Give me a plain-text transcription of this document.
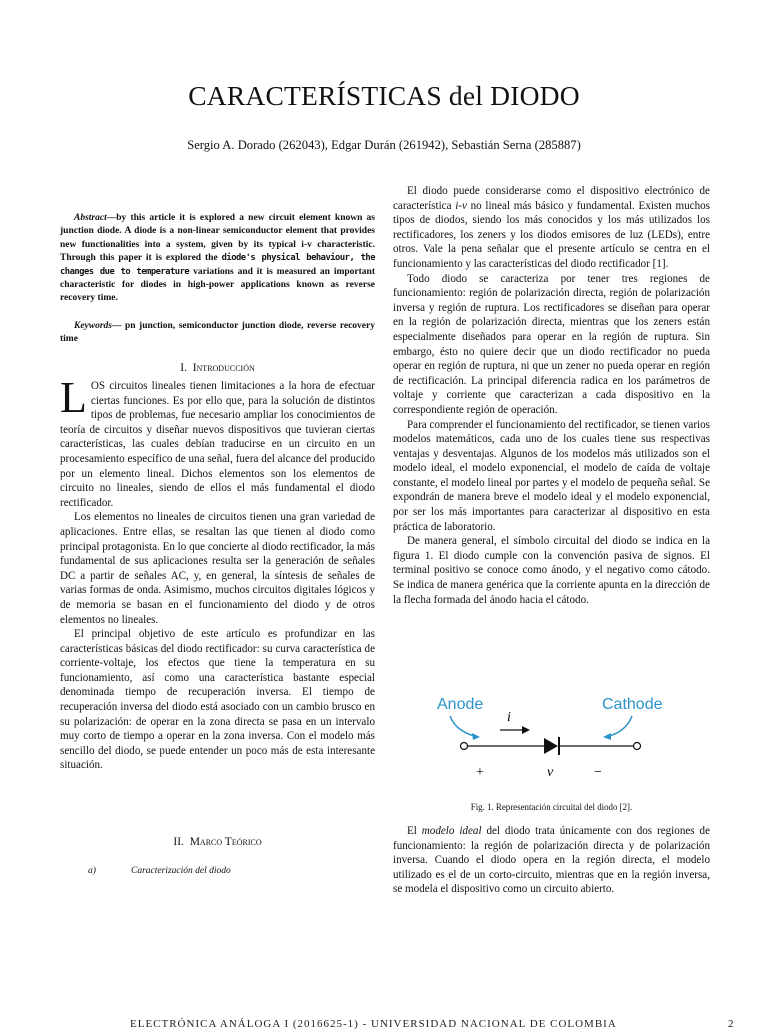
CARACTERÍSTICAS del DIODO
Sergio A. Dorado (262043), Edgar Durán (261942), Sebastián Serna (285887)

Abstract—by this article it is explored a new circuit element known as junction diode. A diode is a non-linear semiconductor element that provides new functionalities into a system, given by its typical i-v characteristic. Through this paper it is explored the diode's physical behaviour, the changes due to temperature variations and it is measured an important characteristic for diodes in high-power applications known as reverse recovery time.

Keywords— pn junction, semiconductor junction diode, reverse recovery time

I. Introducción

LOS circuitos lineales tienen limitaciones a la hora de efectuar ciertas funciones. Es por ello que, para la solución de distintos tipos de problemas, fue necesario ampliar los conocimientos de teoría de circuitos y diseñar nuevos dispositivos que tuvieran ciertas características, las cuales debían traducirse en un circuito en un procesamiento específico de una señal, fuera del alcance del producido por un elemento lineal. Dichos elementos son los elementos de circuito no lineales, siendo de ellos el más fundamental el diodo rectificador.

Los elementos no lineales de circuitos tienen una gran variedad de aplicaciones. Entre ellas, se resaltan las que tienen al diodo como principal protagonista. En lo que concierte al diodo rectificador, la más fundamental de sus aplicaciones resulta ser la generación de señales DC a partir de señales AC, y, en general, la síntesis de señales de varias formas de onda. Asimismo, muchos circuitos digitales lógicos y de memoria se basan en el funcionamiento del diodo y de otros elementos no lineales.

El principal objetivo de este artículo es profundizar en las características básicas del diodo rectificador: su curva característica de corriente-voltaje, los efectos que tiene la temperatura en su funcionamiento, así como una característica bastante especial denominada tiempo de recuperación inversa. El tiempo de recuperación inversa del diodo está asociado con un cambio brusco en su polarización: de operar en la zona directa se pasa en un intervalo muy corto de tiempo a operar en la zona inversa. Con el modelo más sencillo del diodo, se puede entender un poco más de esta interesante situación.

II. Marco Teórico
a)	Caracterización del diodo

El diodo puede considerarse como el dispositivo electrónico de característica i-v no lineal más básico y fundamental. Existen muchos tipos de diodos, siendo los más conocidos y los más utilizados los rectificadores, los zeners y los diodos emisores de luz (LEDs), entre otros. Vale la pena señalar que el presente artículo se centra en el funcionamiento y las características del diodo rectificador [1].

Todo diodo se caracteriza por tener tres regiones de funcionamiento: región de polarización directa, región de polarización inversa y región de ruptura. Los rectificadores se diseñan para operar en la región de polarización directa, mientras que los zeners están especialmente diseñados para operar en la región de ruptura. Sin embargo, ésto no quiere decir que un diodo rectificador no pueda operar en región de ruptura, ni que un zener no pueda operar en región de rectificación. La principal diferencia radica en los parámetros de voltaje y corriente que caracterizan a cada dispositivo en la correspondiente región de operación.

Para comprender el funcionamiento del rectificador, se tienen varios modelos matemáticos, cada uno de los cuales tiene sus respectivas ventajas y desventajas. Algunos de los modelos más utilizados son el modelo ideal, el modelo exponencial, el modelo de caída de voltaje constante, el modelo lineal por partes y el modelo de pequeña señal. Se expondrán de manera breve el modelo ideal y el modelo exponencial, por ser los más importantes para caracterizar al dispositivo en esta práctica de laboratorio.

De manera general, el símbolo circuital del diodo se indica en la figura 1. El diodo cumple con la convención pasiva de signos. El terminal positivo se conoce como ánodo, y el negativo como cátodo. Se indica de manera genérica que la corriente apunta en la dirección de la flecha formada del ánodo hacia el cátodo.

Anode	Cathode
i
+	v	−
Fig. 1. Representación circuital del diodo [2].

El modelo ideal del diodo trata únicamente con dos regiones de funcionamiento: la región de polarización directa y de polarización inversa. Cuando el diodo opera en la región directa, el modelo utilizado es el de un corto-circuito, mientras que en la región inversa, se modela el dispositivo como un circuito abierto.

ELECTRÓNICA ANÁLOGA I (2016625-1) - UNIVERSIDAD NACIONAL DE COLOMBIA	2
